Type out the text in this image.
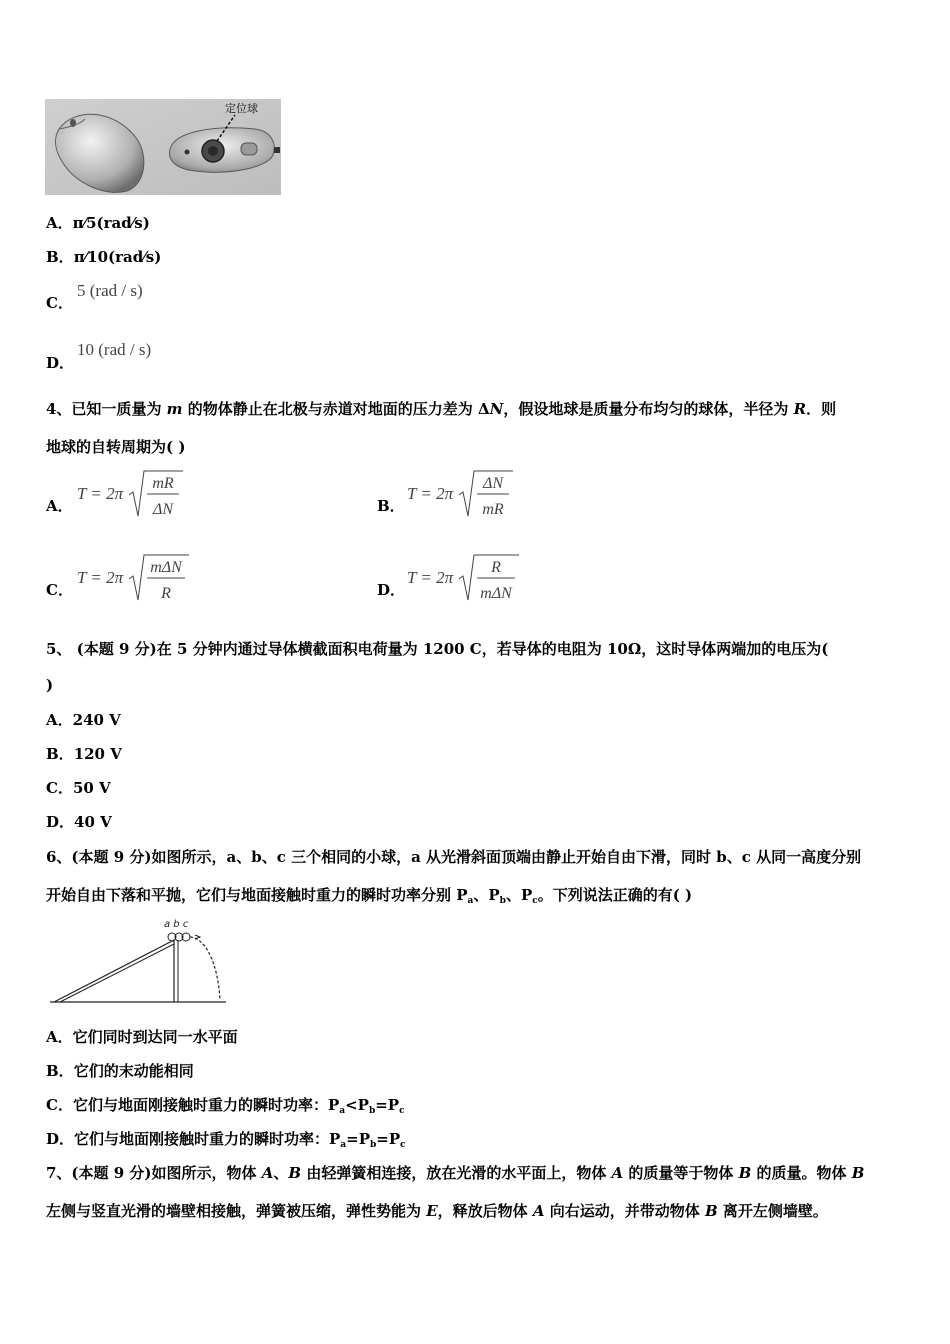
定位球
A．π⁄5(rad⁄s)
B．π⁄10(rad⁄s)
C．
5 (rad / s)
D．
10 (rad / s)
4、已知一质量为 m 的物体静止在北极与赤道对地面的压力差为 ΔN，假设地球是质量分布均匀的球体，半径为 R．则
地球的自转周期为( )
A．
T = 2π
mR
ΔN	B．
T = 2π
ΔN
mR
C．
T = 2π
mΔN
R	D．
T = 2π
R
mΔN
5、 (本题 9 分)在 5 分钟内通过导体横截面积电荷量为 1200 C，若导体的电阻为 10Ω，这时导体两端加的电压为(
)
A．240 V
B．120 V
C．50 V
D．40 V
6、(本题 9 分)如图所示，a、b、c 三个相同的小球，a 从光滑斜面顶端由静止开始自由下滑，同时 b、c 从同一高度分别
开始自由下落和平抛，它们与地面接触时重力的瞬时功率分别 $P_a$、$P_b$、$P_c$。下列说法正确的有( )
a b c
A．它们同时到达同一水平面
B．它们的末动能相同
C．它们与地面刚接触时重力的瞬时功率：$P_a<P_b=P_c$
D．它们与地面刚接触时重力的瞬时功率：$P_a=P_b=P_c$
7、(本题 9 分)如图所示，物体 A、B 由轻弹簧相连接，放在光滑的水平面上，物体 A 的质量等于物体 B 的质量。物体 B
左侧与竖直光滑的墙壁相接触，弹簧被压缩，弹性势能为 E，释放后物体 A 向右运动，并带动物体 B 离开左侧墙壁。
